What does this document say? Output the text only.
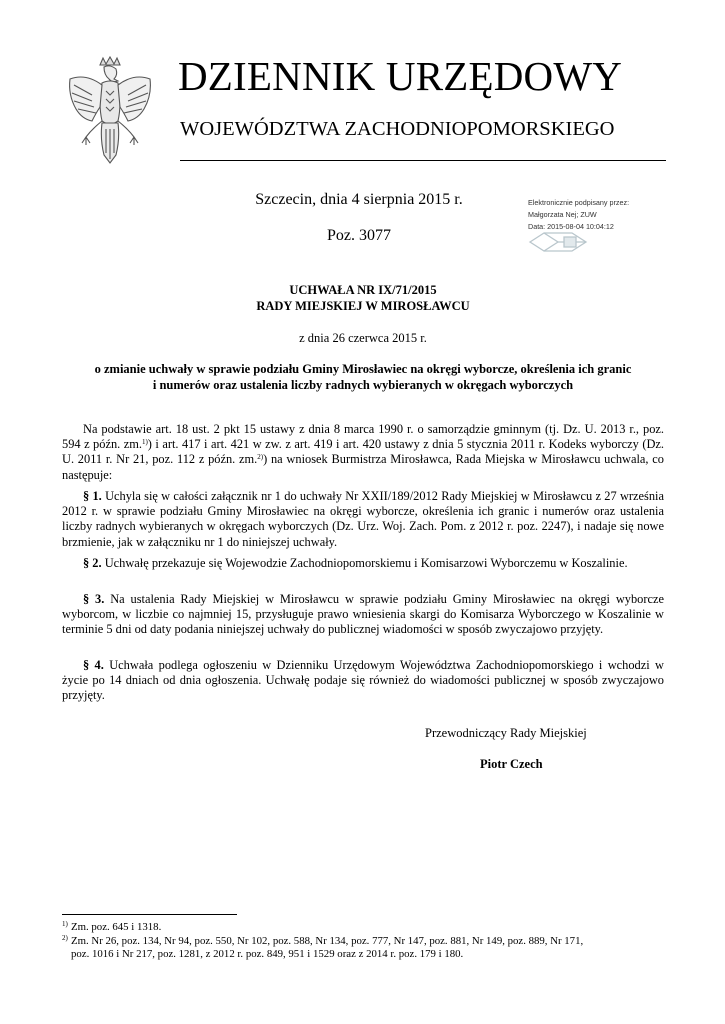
DZIENNIK URZĘDOWY
WOJEWÓDZTWA ZACHODNIOPOMORSKIEGO
Szczecin, dnia 4 sierpnia 2015 r.
Poz. 3077
Elektronicznie podpisany przez:
Małgorzata Nej; ZUW
Data: 2015-08-04 10:04:12
UCHWAŁA NR IX/71/2015
RADY MIEJSKIEJ W MIROSŁAWCU
z dnia 26 czerwca 2015 r.
o zmianie uchwały w sprawie podziału Gminy Mirosławiec na okręgi wyborcze, określenia ich granic
i numerów oraz ustalenia liczby radnych wybieranych w okręgach wyborczych
Na podstawie art. 18 ust. 2 pkt 15 ustawy z dnia 8 marca 1990 r. o samorządzie gminnym (tj. Dz. U. 2013 r., poz. 594 z późn. zm.$^{1)}$) i art. 417 i art. 421 w zw. z art. 419 i art. 420 ustawy z dnia 5 stycznia 2011 r. Kodeks wyborczy (Dz. U. 2011 r. Nr 21, poz. 112 z późn. zm.$^{2)}$) na wniosek Burmistrza Mirosławca, Rada Miejska w Mirosławcu uchwala, co następuje:
§ 1. Uchyla się w całości załącznik nr 1 do uchwały Nr XXII/189/2012 Rady Miejskiej w Mirosławcu z 27 września 2012 r. w sprawie podziału Gminy Mirosławiec na okręgi wyborcze, określenia ich granic i numerów oraz ustalenia liczby radnych wybieranych w okręgach wyborczych (Dz. Urz. Woj. Zach. Pom. z 2012 r. poz. 2247), i nadaje się nowe brzmienie, jak w załączniku nr 1 do niniejszej uchwały.
§ 2. Uchwałę przekazuje się Wojewodzie Zachodniopomorskiemu i Komisarzowi Wyborczemu w Koszalinie.
§ 3. Na ustalenia Rady Miejskiej w Mirosławcu w sprawie podziału Gminy Mirosławiec na okręgi wyborcze wyborcom, w liczbie co najmniej 15, przysługuje prawo wniesienia skargi do Komisarza Wyborczego w Koszalinie w terminie 5 dni od daty podania niniejszej uchwały do publicznej wiadomości w sposób zwyczajowo przyjęty.
§ 4. Uchwała podlega ogłoszeniu w Dzienniku Urzędowym Województwa Zachodniopomorskiego i wchodzi w życie po 14 dniach od dnia ogłoszenia. Uchwałę podaje się również do wiadomości publicznej w sposób zwyczajowo przyjęty.
Przewodniczący Rady Miejskiej
Piotr Czech
$^{1)}$ Zm. poz. 645 i 1318.
$^{2)}$ Zm. Nr 26, poz. 134, Nr 94, poz. 550, Nr 102, poz. 588, Nr 134, poz. 777, Nr 147, poz. 881, Nr 149, poz. 889, Nr 171,
poz. 1016 i Nr 217, poz. 1281, z 2012 r. poz. 849, 951 i 1529 oraz z 2014 r. poz. 179 i 180.
